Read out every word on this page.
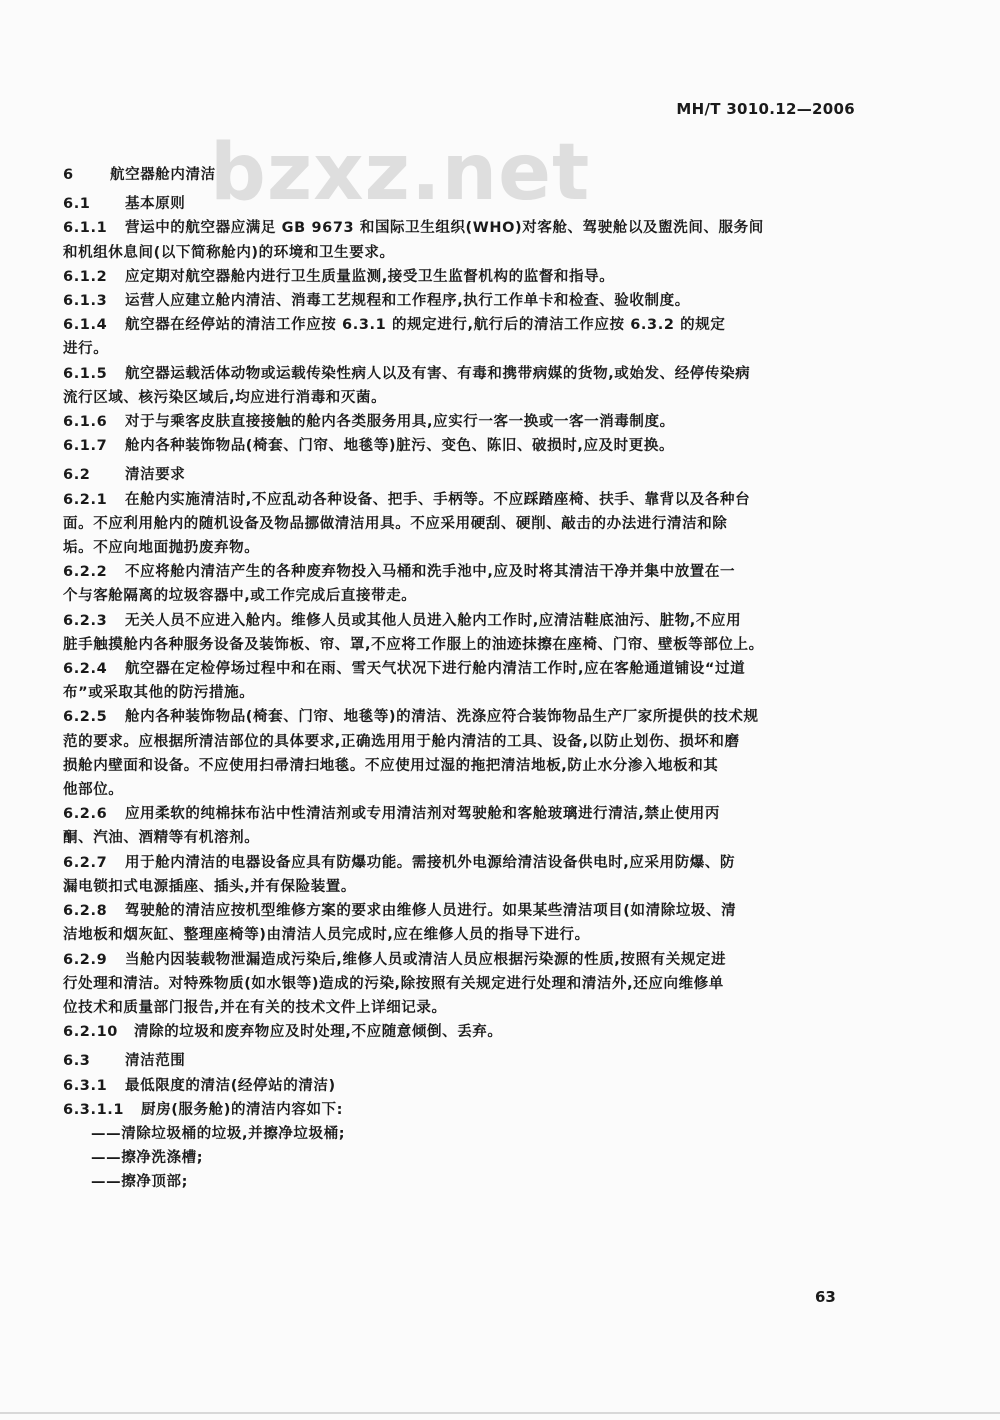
bzxz.net
MH/T 3010.12—2006
6	航空器舱内清洁
6.1 基本原则
6.1.1 营运中的航空器应满足 GB 9673 和国际卫生组织(WHO)对客舱、驾驶舱以及盥洗间、服务间
和机组休息间(以下简称舱内)的环境和卫生要求。
6.1.2 应定期对航空器舱内进行卫生质量监测,接受卫生监督机构的监督和指导。
6.1.3 运营人应建立舱内清洁、消毒工艺规程和工作程序,执行工作单卡和检查、验收制度。
6.1.4 航空器在经停站的清洁工作应按 6.3.1 的规定进行,航行后的清洁工作应按 6.3.2 的规定
进行。
6.1.5 航空器运载活体动物或运载传染性病人以及有害、有毒和携带病媒的货物,或始发、经停传染病
流行区域、核污染区域后,均应进行消毒和灭菌。
6.1.6 对于与乘客皮肤直接接触的舱内各类服务用具,应实行一客一换或一客一消毒制度。
6.1.7 舱内各种装饰物品(椅套、门帘、地毯等)脏污、变色、陈旧、破损时,应及时更换。
6.2 清洁要求
6.2.1 在舱内实施清洁时,不应乱动各种设备、把手、手柄等。不应踩踏座椅、扶手、靠背以及各种台
面。不应利用舱内的随机设备及物品挪做清洁用具。不应采用硬刮、硬削、敲击的办法进行清洁和除
垢。不应向地面抛扔废弃物。
6.2.2 不应将舱内清洁产生的各种废弃物投入马桶和洗手池中,应及时将其清洁干净并集中放置在一
个与客舱隔离的垃圾容器中,或工作完成后直接带走。
6.2.3 无关人员不应进入舱内。维修人员或其他人员进入舱内工作时,应清洁鞋底油污、脏物,不应用
脏手触摸舱内各种服务设备及装饰板、帘、罩,不应将工作服上的油迹抹擦在座椅、门帘、壁板等部位上。
6.2.4 航空器在定检停场过程中和在雨、雪天气状况下进行舱内清洁工作时,应在客舱通道铺设“过道
布”或采取其他的防污措施。
6.2.5 舱内各种装饰物品(椅套、门帘、地毯等)的清洁、洗涤应符合装饰物品生产厂家所提供的技术规
范的要求。应根据所清洁部位的具体要求,正确选用用于舱内清洁的工具、设备,以防止划伤、损坏和磨
损舱内壁面和设备。不应使用扫帚清扫地毯。不应使用过湿的拖把清洁地板,防止水分渗入地板和其
他部位。
6.2.6 应用柔软的纯棉抹布沾中性清洁剂或专用清洁剂对驾驶舱和客舱玻璃进行清洁,禁止使用丙
酮、汽油、酒精等有机溶剂。
6.2.7 用于舱内清洁的电器设备应具有防爆功能。需接机外电源给清洁设备供电时,应采用防爆、防
漏电锁扣式电源插座、插头,并有保险装置。
6.2.8 驾驶舱的清洁应按机型维修方案的要求由维修人员进行。如果某些清洁项目(如清除垃圾、清
洁地板和烟灰缸、整理座椅等)由清洁人员完成时,应在维修人员的指导下进行。
6.2.9 当舱内因装载物泄漏造成污染后,维修人员或清洁人员应根据污染源的性质,按照有关规定进
行处理和清洁。对特殊物质(如水银等)造成的污染,除按照有关规定进行处理和清洁外,还应向维修单
位技术和质量部门报告,并在有关的技术文件上详细记录。
6.2.10 清除的垃圾和废弃物应及时处理,不应随意倾倒、丢弃。
6.3 清洁范围
6.3.1 最低限度的清洁(经停站的清洁)
6.3.1.1 厨房(服务舱)的清洁内容如下:
——清除垃圾桶的垃圾,并擦净垃圾桶;
——擦净洗涤槽;
——擦净顶部;
63
